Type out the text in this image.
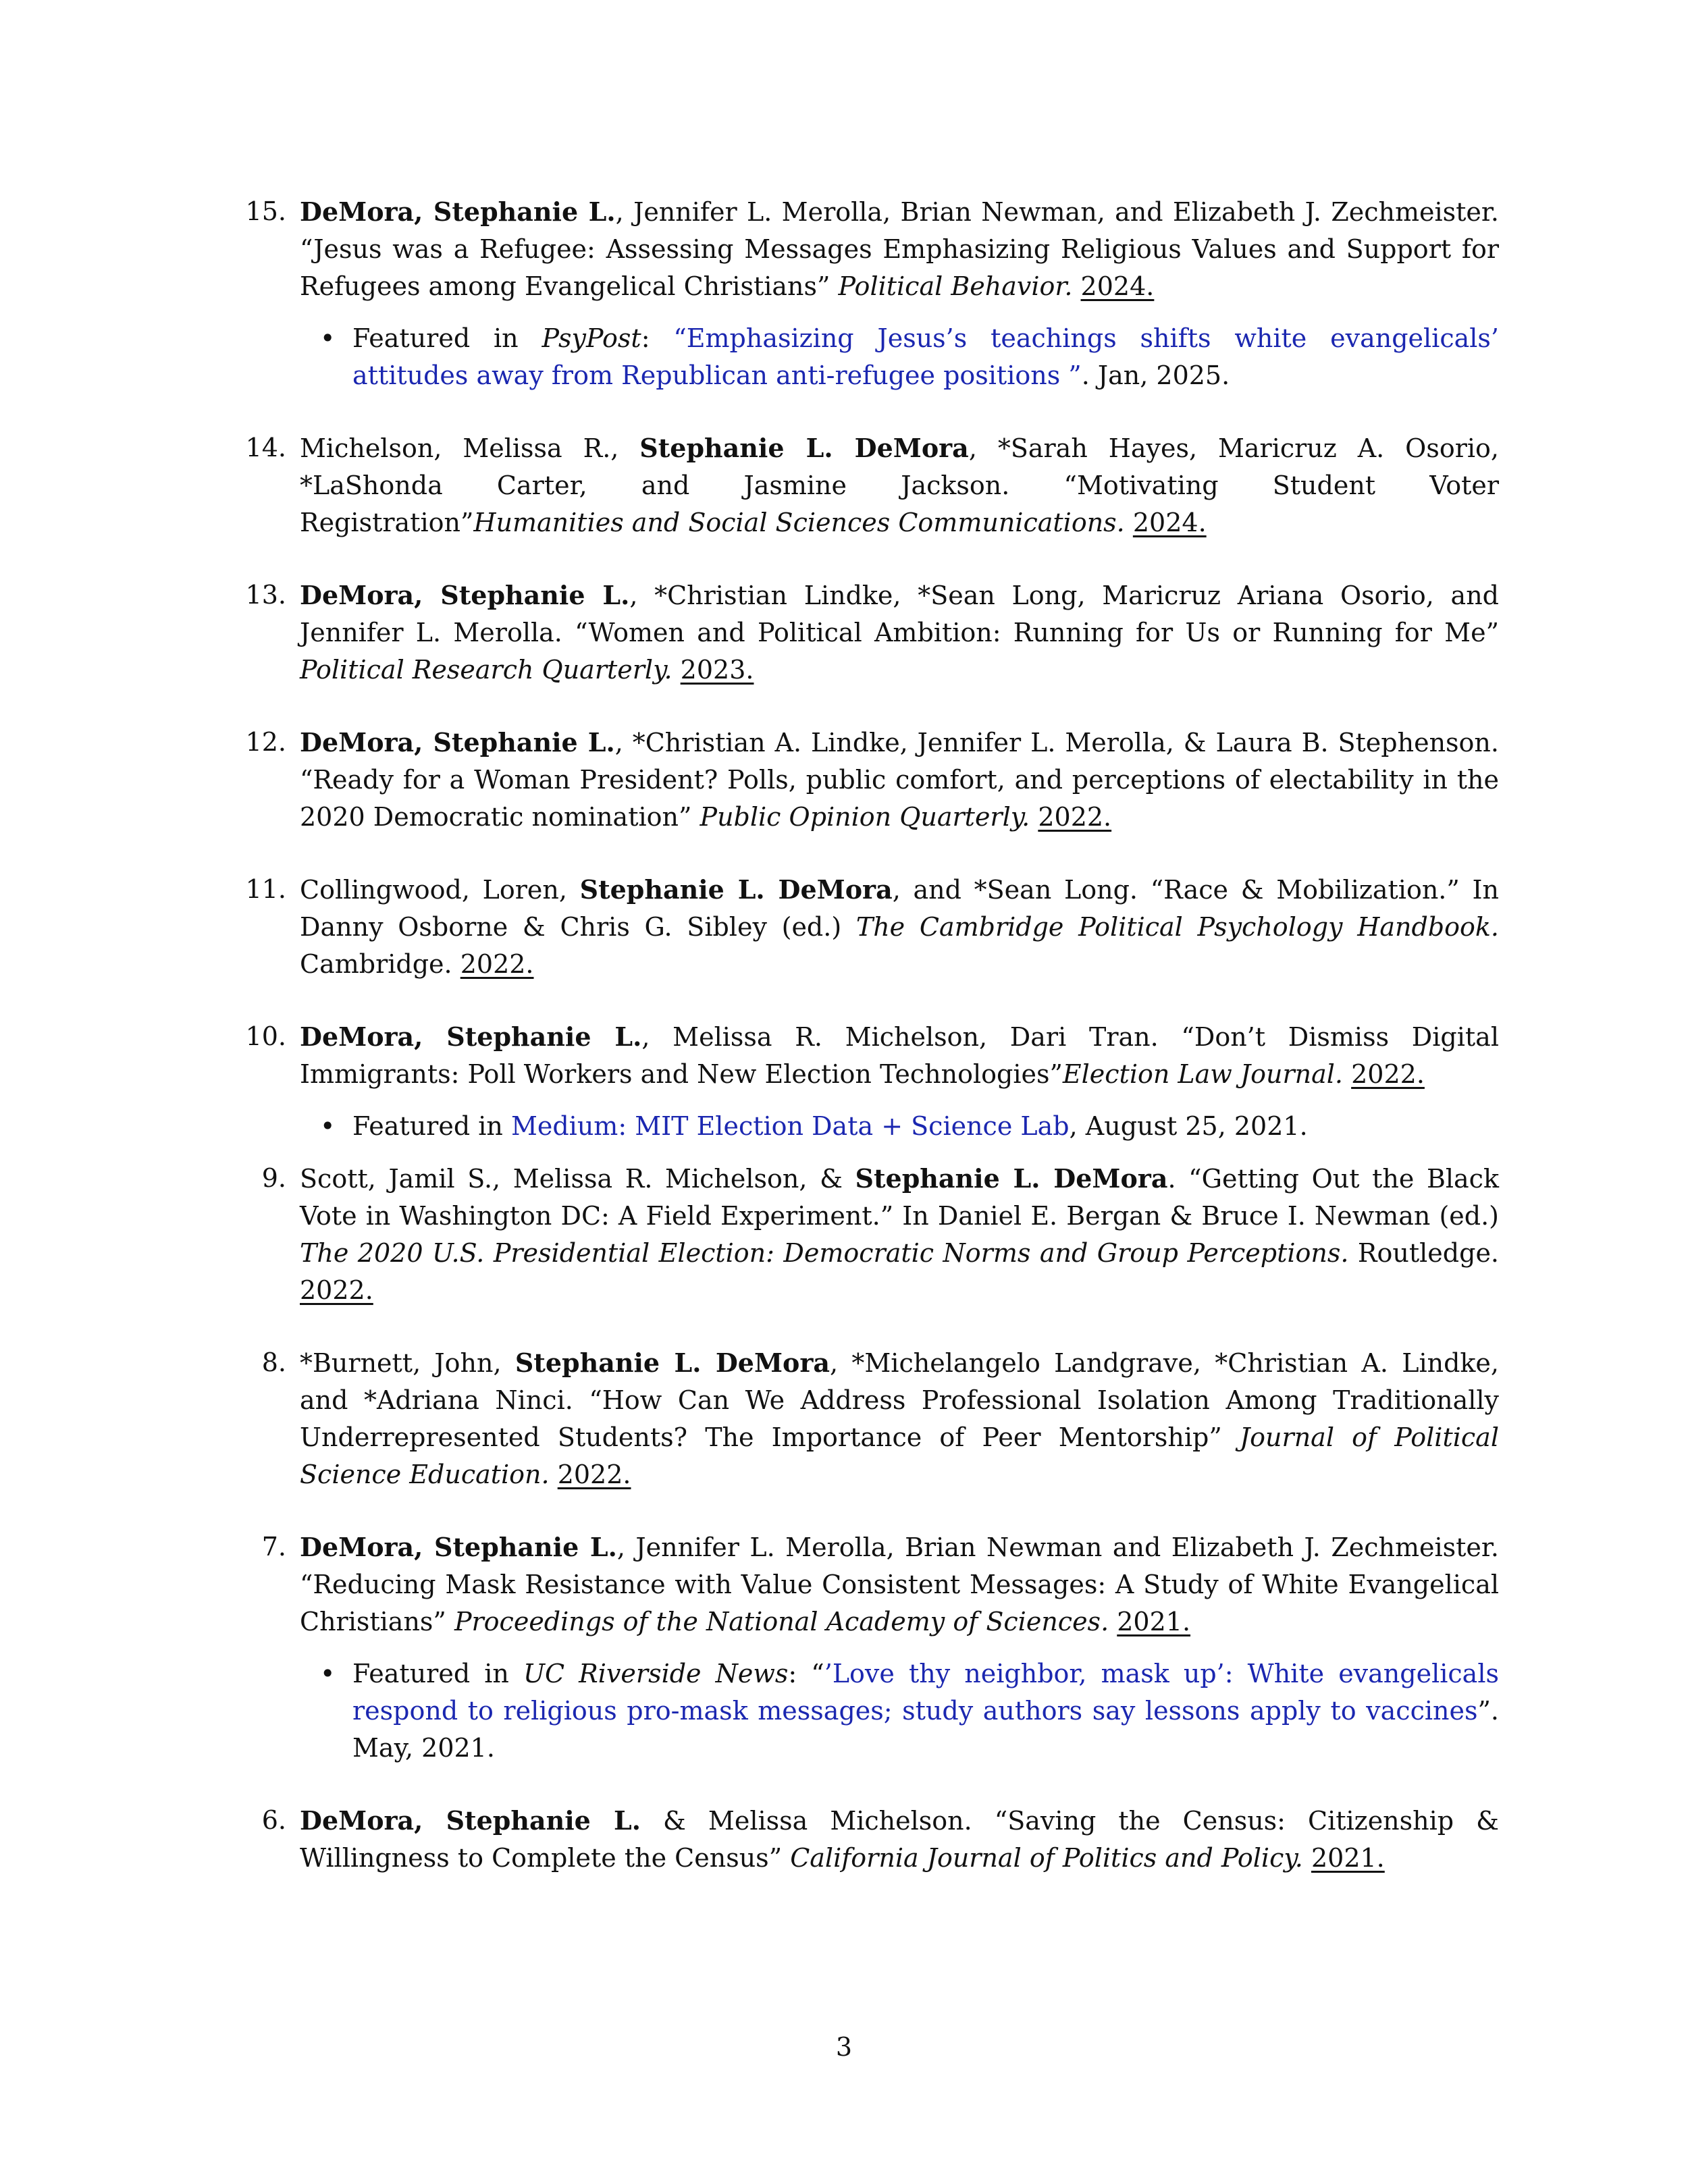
15. DeMora, Stephanie L., Jennifer L. Merolla, Brian Newman, and Elizabeth J. Zechmeister. “Jesus was a Refugee: Assessing Messages Emphasizing Religious Values and Support for Refugees among Evangelical Christians” Political Behavior. 2024.
• Featured in PsyPost: “Emphasizing Jesus’s teachings shifts white evangelicals’ attitudes away from Republican anti-refugee positions ”. Jan, 2025.
14. Michelson, Melissa R., Stephanie L. DeMora, *Sarah Hayes, Maricruz A. Osorio, *LaShonda Carter, and Jasmine Jackson. “Motivating Student Voter Registration”Humanities and Social Sciences Communications. 2024.
13. DeMora, Stephanie L., *Christian Lindke, *Sean Long, Maricruz Ariana Osorio, and Jennifer L. Merolla. “Women and Political Ambition: Running for Us or Running for Me” Political Research Quarterly. 2023.
12. DeMora, Stephanie L., *Christian A. Lindke, Jennifer L. Merolla, & Laura B. Stephenson. “Ready for a Woman President? Polls, public comfort, and perceptions of electability in the 2020 Democratic nomination” Public Opinion Quarterly. 2022.
11. Collingwood, Loren, Stephanie L. DeMora, and *Sean Long. “Race & Mobilization.” In Danny Osborne & Chris G. Sibley (ed.) The Cambridge Political Psychology Handbook. Cambridge. 2022.
10. DeMora, Stephanie L., Melissa R. Michelson, Dari Tran. “Don’t Dismiss Digital Immigrants: Poll Workers and New Election Technologies”Election Law Journal. 2022.
• Featured in Medium: MIT Election Data + Science Lab, August 25, 2021.
9. Scott, Jamil S., Melissa R. Michelson, & Stephanie L. DeMora. “Getting Out the Black Vote in Washington DC: A Field Experiment.” In Daniel E. Bergan & Bruce I. Newman (ed.) The 2020 U.S. Presidential Election: Democratic Norms and Group Perceptions. Routledge. 2022.
8. *Burnett, John, Stephanie L. DeMora, *Michelangelo Landgrave, *Christian A. Lindke, and *Adriana Ninci. “How Can We Address Professional Isolation Among Traditionally Underrepresented Students? The Importance of Peer Mentorship” Journal of Political Science Education. 2022.
7. DeMora, Stephanie L., Jennifer L. Merolla, Brian Newman and Elizabeth J. Zechmeister. “Reducing Mask Resistance with Value Consistent Messages: A Study of White Evangelical Christians” Proceedings of the National Academy of Sciences. 2021.
• Featured in UC Riverside News: “’Love thy neighbor, mask up’: White evangelicals respond to religious pro-mask messages; study authors say lessons apply to vaccines”. May, 2021.
6. DeMora, Stephanie L. & Melissa Michelson. “Saving the Census: Citizenship & Willingness to Complete the Census” California Journal of Politics and Policy. 2021.
3
